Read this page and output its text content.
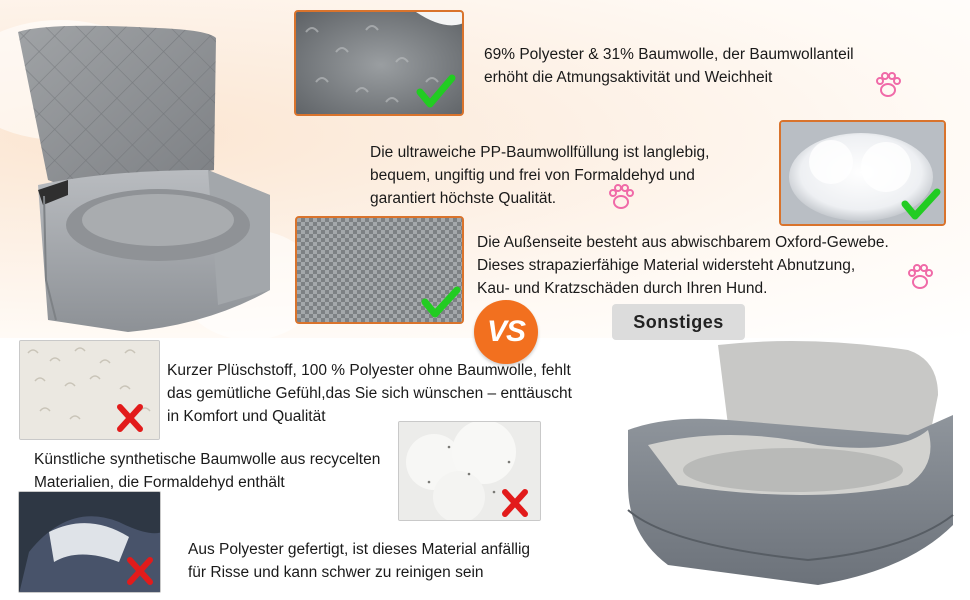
69% Polyester & 31% Baumwolle, der Baumwollanteil
erhöht die Atmungsaktivität und Weichheit
Die ultraweiche PP-Baumwollfüllung ist langlebig,
bequem, ungiftig und frei von Formaldehyd und
garantiert höchste Qualität.
Die Außenseite besteht aus abwischbarem Oxford-Gewebe.
Dieses strapazierfähige Material widersteht Abnutzung,
Kau- und Kratzschäden durch Ihren Hund.
VS	Sonstiges
Kurzer Plüschstoff, 100 % Polyester ohne Baumwolle, fehlt
das gemütliche Gefühl,das Sie sich wünschen – enttäuscht
in Komfort und Qualität
Künstliche synthetische Baumwolle aus recycelten
Materialien, die Formaldehyd enthält
Aus Polyester gefertigt, ist dieses Material anfällig
für Risse und kann schwer zu reinigen sein
